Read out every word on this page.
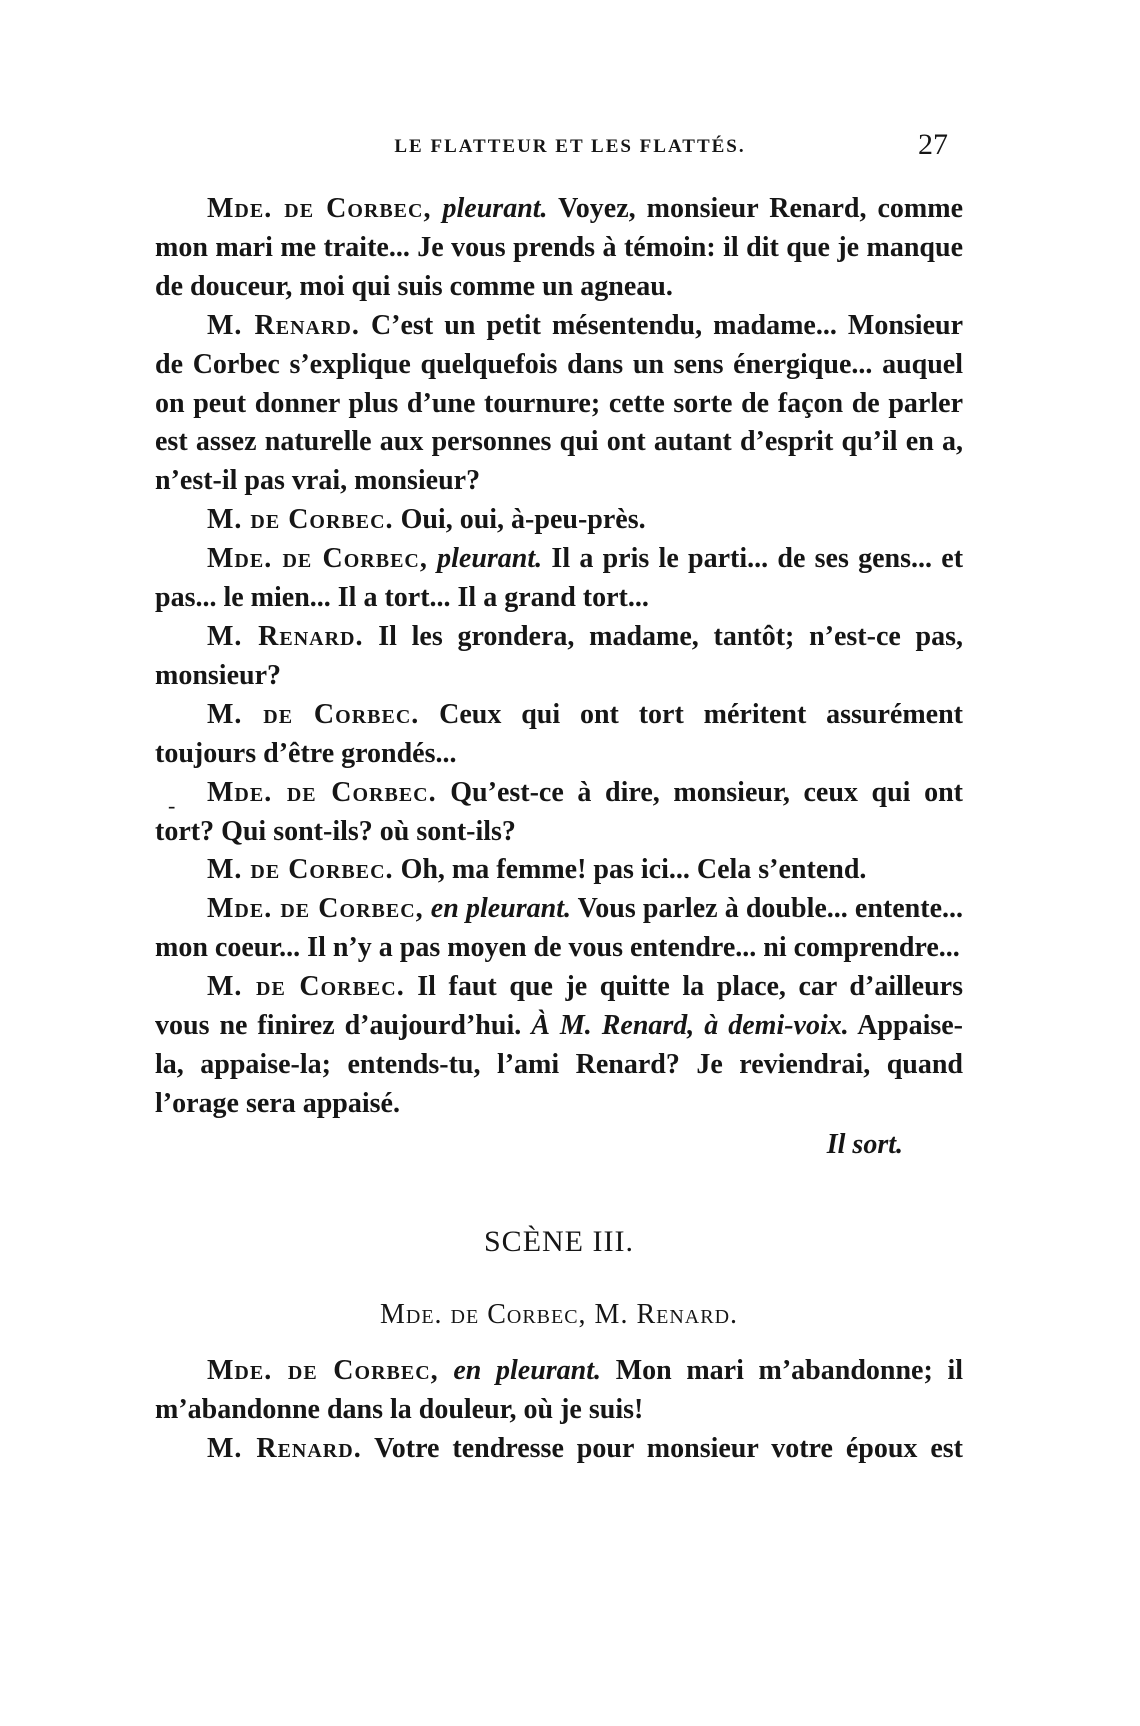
LE FLATTEUR ET LES FLATTÉS.	27
-

Mde. de Corbec, pleurant. Voyez, monsieur Renard, comme mon mari me traite... Je vous prends à témoin: il dit que je manque de douceur, moi qui suis comme un agneau.

M. Renard. C’est un petit mésentendu, madame... Monsieur de Corbec s’explique quelquefois dans un sens énergique... auquel on peut donner plus d’une tournure; cette sorte de façon de parler est assez naturelle aux personnes qui ont autant d’esprit qu’il en a, n’est-il pas vrai, monsieur?

M. de Corbec. Oui, oui, à-peu-près.

Mde. de Corbec, pleurant. Il a pris le parti... de ses gens... et pas... le mien... Il a tort... Il a grand tort...

M. Renard. Il les grondera, madame, tantôt; n’est-ce pas, monsieur?

M. de Corbec. Ceux qui ont tort méritent assurément toujours d’être grondés...

Mde. de Corbec. Qu’est-ce à dire, monsieur, ceux qui ont tort? Qui sont-ils? où sont-ils?

M. de Corbec. Oh, ma femme! pas ici... Cela s’entend.

Mde. de Corbec, en pleurant. Vous parlez à double... entente... mon coeur... Il n’y a pas moyen de vous entendre... ni comprendre...

M. de Corbec. Il faut que je quitte la place, car d’ailleurs vous ne finirez d’aujourd’hui. À M. Renard, à demi-voix. Appaise-la, appaise-la; entends-tu, l’ami Renard? Je reviendrai, quand l’orage sera appaisé.

Il sort.

SCÈNE III.

Mde. de Corbec, M. Renard.

Mde. de Corbec, en pleurant. Mon mari m’abandonne; il m’abandonne dans la douleur, où je suis!

M. Renard. Votre tendresse pour monsieur votre époux est
